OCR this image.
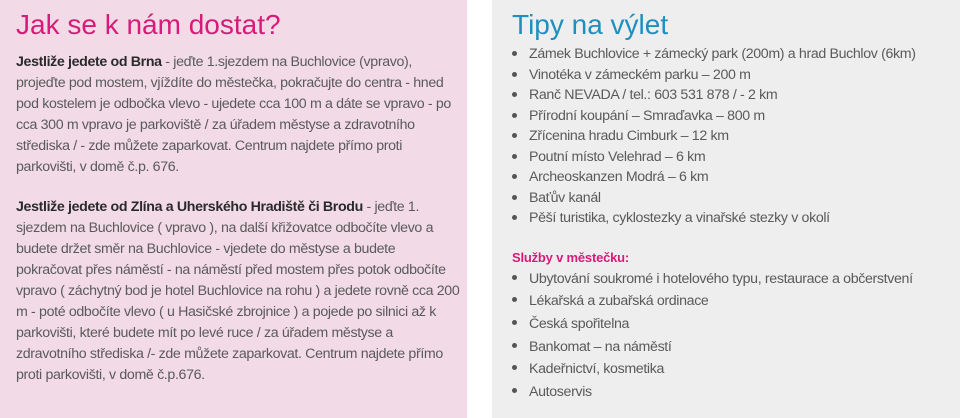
Jak se k nám dostat?

Jestliže jedete od Brna - jeďte 1.sjezdem na Buchlovice (vpravo), projeďte pod mostem, vjíždíte do městečka, pokračujte do centra - hned pod kostelem je odbočka vlevo - ujedete cca 100 m a dáte se vpravo - po cca 300 m vpravo je parkoviště / za úřadem městyse a zdravotního střediska / - zde můžete zaparkovat. Centrum najdete přímo proti parkovišti, v domě č.p. 676.

Jestliže jedete od Zlína a Uherského Hradiště či Brodu - jeďte 1. sjezdem na Buchlovice ( vpravo ), na další křižovatce odbočíte vlevo a budete držet směr na Buchlovice - vjedete do městyse a budete pokračovat přes náměstí - na náměstí před mostem přes potok odbočíte vpravo ( záchytný bod je hotel Buchlovice na rohu ) a jedete rovně cca 200 m - poté odbočíte vlevo ( u Hasičské zbrojnice ) a pojede po silnici až k parkovišti, které budete mít po levé ruce / za úřadem městyse a zdravotního střediska /- zde můžete zaparkovat. Centrum najdete přímo proti parkovišti, v domě č.p.676.

Tipy na výlet
Zámek Buchlovice + zámecký park (200m) a hrad Buchlov (6km)
Vinotéka v zámeckém parku – 200 m
Ranč NEVADA / tel.: 603 531 878 / - 2 km
Přírodní koupání – Smraďavka – 800 m
Zřícenina hradu Cimburk – 12 km
Poutní místo Velehrad – 6 km
Archeoskanzen Modrá – 6 km
Baťův kanál
Pěší turistika, cyklostezky a vinařské stezky v okolí
Služby v městečku:
Ubytování soukromé i hotelového typu, restaurace a občerstvení
Lékařská a zubařská ordinace
Česká spořitelna
Bankomat – na náměstí
Kadeřnictví, kosmetika
Autoservis
